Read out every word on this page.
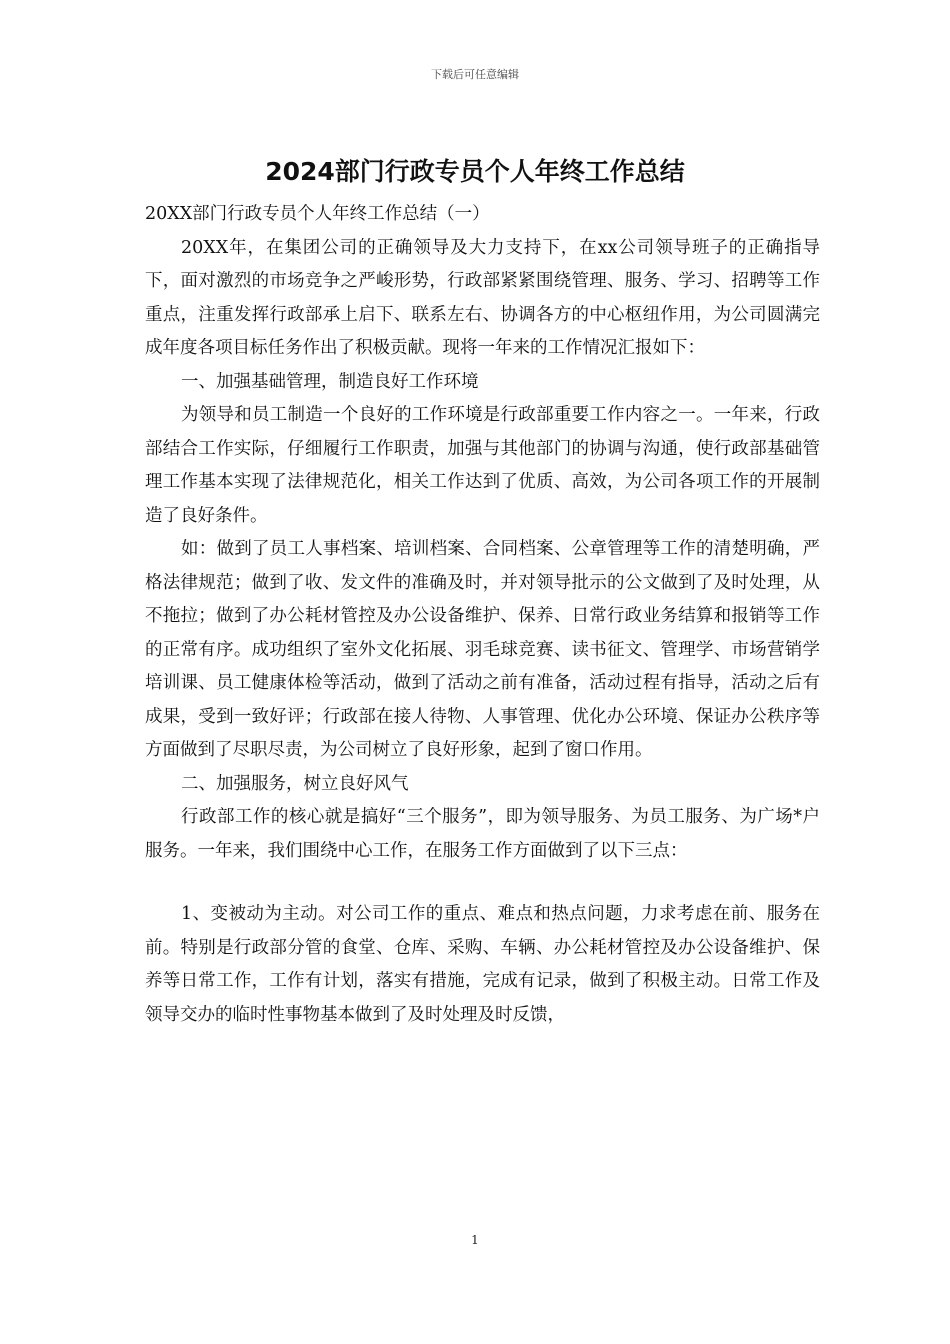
下载后可任意编辑
2024部门行政专员个人年终工作总结

20XX部门行政专员个人年终工作总结（一）

20XX年，在集团公司的正确领导及大力支持下，在xx公司领导班子的正确指导下，面对激烈的市场竞争之严峻形势，行政部紧紧围绕管理、服务、学习、招聘等工作重点，注重发挥行政部承上启下、联系左右、协调各方的中心枢纽作用，为公司圆满完成年度各项目标任务作出了积极贡献。现将一年来的工作情况汇报如下：

一、加强基础管理，制造良好工作环境

为领导和员工制造一个良好的工作环境是行政部重要工作内容之一。一年来，行政部结合工作实际，仔细履行工作职责，加强与其他部门的协调与沟通，使行政部基础管理工作基本实现了法律规范化，相关工作达到了优质、高效，为公司各项工作的开展制造了良好条件。

如：做到了员工人事档案、培训档案、合同档案、公章管理等工作的清楚明确，严格法律规范；做到了收、发文件的准确及时，并对领导批示的公文做到了及时处理，从不拖拉；做到了办公耗材管控及办公设备维护、保养、日常行政业务结算和报销等工作的正常有序。成功组织了室外文化拓展、羽毛球竞赛、读书征文、管理学、市场营销学培训课、员工健康体检等活动，做到了活动之前有准备，活动过程有指导，活动之后有成果，受到一致好评；行政部在接人待物、人事管理、优化办公环境、保证办公秩序等方面做到了尽职尽责，为公司树立了良好形象，起到了窗口作用。

二、加强服务，树立良好风气

行政部工作的核心就是搞好“三个服务”，即为领导服务、为员工服务、为广场*户服务。一年来，我们围绕中心工作，在服务工作方面做到了以下三点：

1、变被动为主动。对公司工作的重点、难点和热点问题，力求考虑在前、服务在前。特别是行政部分管的食堂、仓库、采购、车辆、办公耗材管控及办公设备维护、保养等日常工作，工作有计划，落实有措施，完成有记录，做到了积极主动。日常工作及领导交办的临时性事物基本做到了及时处理及时反馈，

1
